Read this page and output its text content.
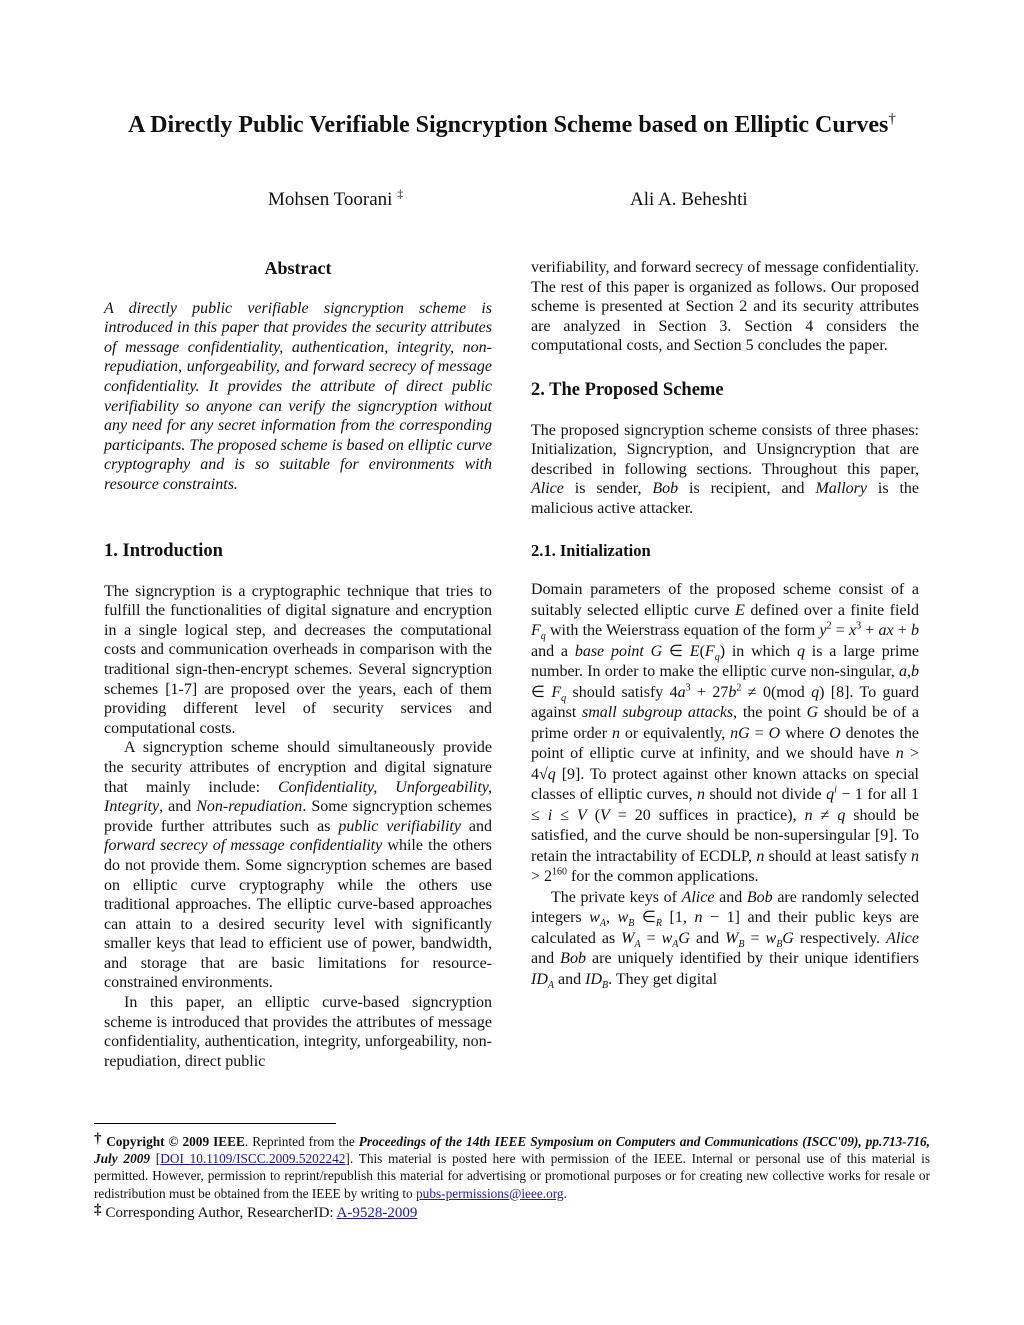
A Directly Public Verifiable Signcryption Scheme based on Elliptic Curves†
Mohsen Toorani ‡	Ali A. Beheshti
Abstract

A directly public verifiable signcryption scheme is introduced in this paper that provides the security attributes of message confidentiality, authentication, integrity, non-repudiation, unforgeability, and forward secrecy of message confidentiality. It provides the attribute of direct public verifiability so anyone can verify the signcryption without any need for any secret information from the corresponding participants. The proposed scheme is based on elliptic curve cryptography and is so suitable for environments with resource constraints.

1. Introduction

The signcryption is a cryptographic technique that tries to fulfill the functionalities of digital signature and encryption in a single logical step, and decreases the computational costs and communication overheads in comparison with the traditional sign-then-encrypt schemes. Several signcryption schemes [1-7] are proposed over the years, each of them providing different level of security services and computational costs.

A signcryption scheme should simultaneously provide the security attributes of encryption and digital signature that mainly include: Confidentiality, Unforgeability, Integrity, and Non-repudiation. Some signcryption schemes provide further attributes such as public verifiability and forward secrecy of message confidentiality while the others do not provide them. Some signcryption schemes are based on elliptic curve cryptography while the others use traditional approaches. The elliptic curve-based approaches can attain to a desired security level with significantly smaller keys that lead to efficient use of power, bandwidth, and storage that are basic limitations for resource-constrained environments.

In this paper, an elliptic curve-based signcryption scheme is introduced that provides the attributes of message confidentiality, authentication, integrity, unforgeability, non-repudiation, direct public

verifiability, and forward secrecy of message confidentiality. The rest of this paper is organized as follows. Our proposed scheme is presented at Section 2 and its security attributes are analyzed in Section 3. Section 4 considers the computational costs, and Section 5 concludes the paper.

2. The Proposed Scheme

The proposed signcryption scheme consists of three phases: Initialization, Signcryption, and Unsigncryption that are described in following sections. Throughout this paper, Alice is sender, Bob is recipient, and Mallory is the malicious active attacker.

2.1. Initialization

Domain parameters of the proposed scheme consist of a suitably selected elliptic curve E defined over a finite field $F_q$ with the Weierstrass equation of the form $y^2 = x^3$ + ax + b and a base point G ∈ $E(F_q)$ in which q is a large prime number. In order to make the elliptic curve non-singular, a,b ∈ $F_q$ should satisfy $4a^3 + 27b^2 \ne 0(mod$ q) [8]. To guard against small subgroup attacks, the point G should be of a prime order n or equivalently, nG = O where O denotes the point of elliptic curve at infinity, and we should have n > 4√q [9]. To protect against other known attacks on special classes of elliptic curves, n should not divide $q^i - 1$ for all 1 ≤ i ≤ V (V = 20 suffices in practice), n ≠ q should be satisfied, and the curve should be non-supersingular [9]. To retain the intractability of ECDLP, n should at least satisfy $n > 2^{160}$ for the common applications.

The private keys of Alice and Bob are randomly selected integers $w_A$, $w_B$ $\in_R$ [1, n − 1] and their public keys are calculated as $W_A = w_AG$ and $W_B = w_BG$ respectively. Alice and Bob are uniquely identified by their unique identifiers $ID_A$ and $ID_B$. They get digital

† Copyright © 2009 IEEE. Reprinted from the Proceedings of the 14th IEEE Symposium on Computers and Communications (ISCC'09), pp.713-716, July 2009 [DOI 10.1109/ISCC.2009.5202242]. This material is posted here with permission of the IEEE. Internal or personal use of this material is permitted. However, permission to reprint/republish this material for advertising or promotional purposes or for creating new collective works for resale or redistribution must be obtained from the IEEE by writing to pubs-permissions@ieee.org.
‡ Corresponding Author, ResearcherID: A-9528-2009
